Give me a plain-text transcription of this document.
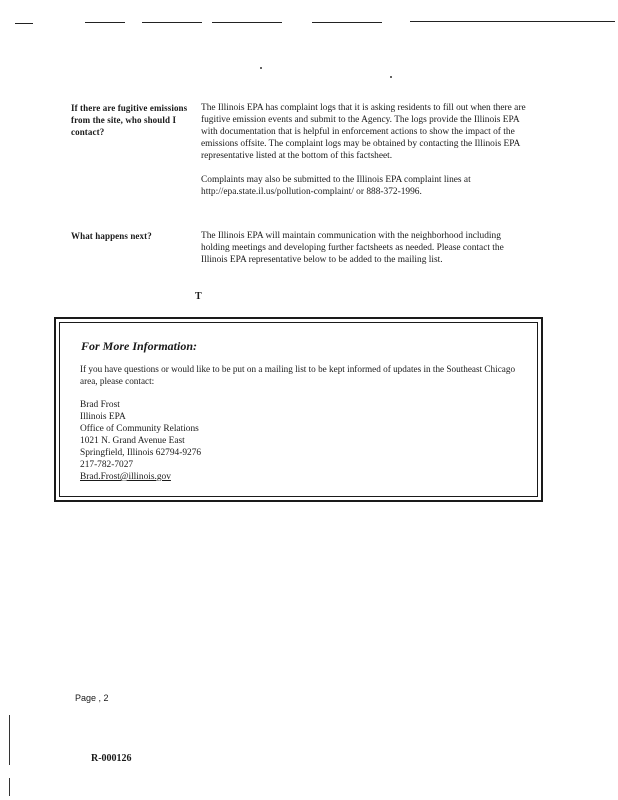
If there are fugitive emissions from the site, who should I contact?

The Illinois EPA has complaint logs that it is asking residents to fill out when there are fugitive emission events and submit to the Agency. The logs provide the Illinois EPA with documentation that is helpful in enforcement actions to show the impact of the emissions offsite. The complaint logs may be obtained by contacting the Illinois EPA representative listed at the bottom of this factsheet.

Complaints may also be submitted to the Illinois EPA complaint lines at http://epa.state.il.us/pollution-complaint/ or 888-372-1996.

What happens next?	The Illinois EPA will maintain communication with the neighborhood including holding meetings and developing further factsheets as needed. Please contact the Illinois EPA representative below to be added to the mailing list.

T
For More Information:
If you have questions or would like to be put on a mailing list to be kept informed of updates in the Southeast Chicago area, please contact:
Brad Frost
Illinois EPA
Office of Community Relations
1021 N. Grand Avenue East
Springfield, Illinois 62794-9276
217-782-7027
Brad.Frost@illinois.gov
Page , 2
R-000126
